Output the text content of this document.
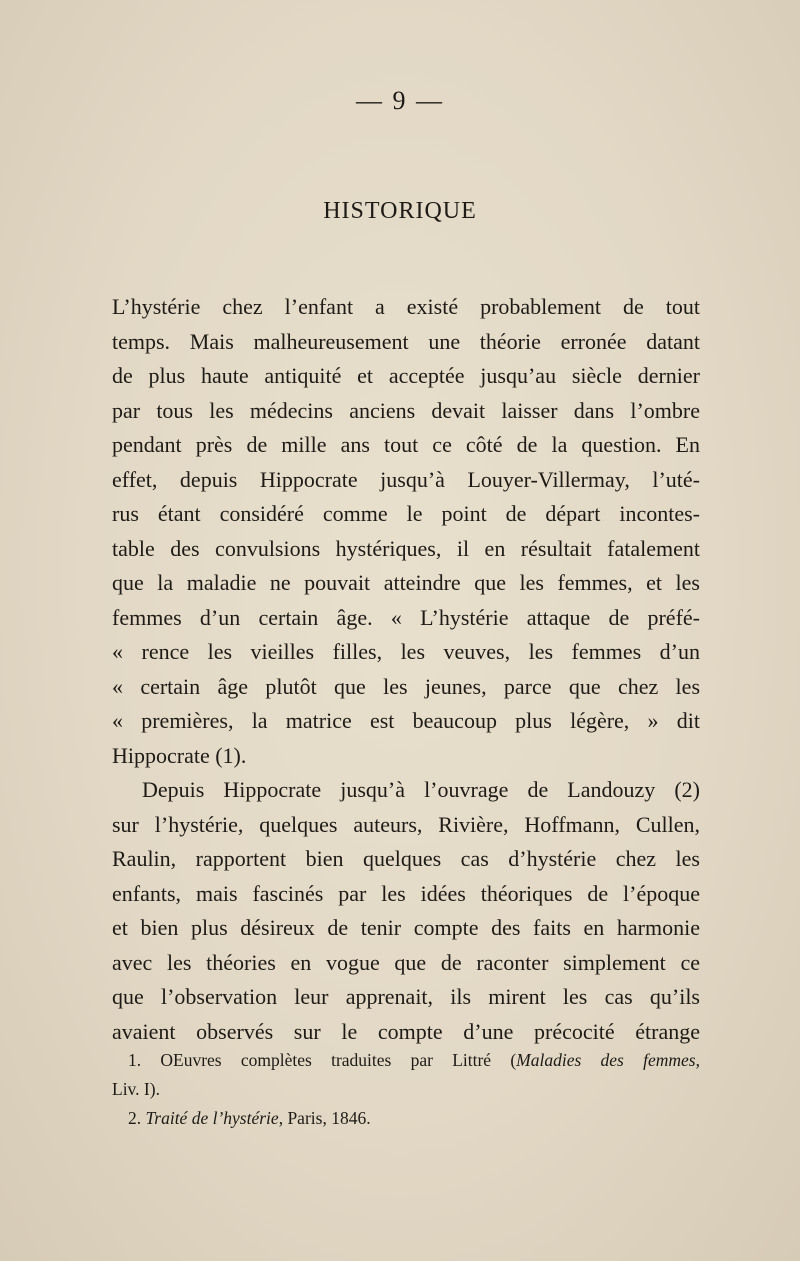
— 9 —
HISTORIQUE
L’hystérie chez l’enfant a existé probablement de tout
temps. Mais malheureusement une théorie erronée datant
de plus haute antiquité et acceptée jusqu’au siècle dernier
par tous les médecins anciens devait laisser dans l’ombre
pendant près de mille ans tout ce côté de la question. En
effet, depuis Hippocrate jusqu’à Louyer-Villermay, l’uté-
rus étant considéré comme le point de départ incontes-
table des convulsions hystériques, il en résultait fatalement
que la maladie ne pouvait atteindre que les femmes, et les
femmes d’un certain âge. « L’hystérie attaque de préfé-
« rence les vieilles filles, les veuves, les femmes d’un
« certain âge plutôt que les jeunes, parce que chez les
« premières, la matrice est beaucoup plus légère, » dit
Hippocrate (1).
Depuis Hippocrate jusqu’à l’ouvrage de Landouzy (2)
sur l’hystérie, quelques auteurs, Rivière, Hoffmann, Cullen,
Raulin, rapportent bien quelques cas d’hystérie chez les
enfants, mais fascinés par les idées théoriques de l’époque
et bien plus désireux de tenir compte des faits en harmonie
avec les théories en vogue que de raconter simplement ce
que l’observation leur apprenait, ils mirent les cas qu’ils
avaient observés sur le compte d’une précocité étrange
1. OEuvres complètes traduites par Littré (Maladies des femmes,
Liv. I).
2. Traité de l’hystérie, Paris, 1846.
